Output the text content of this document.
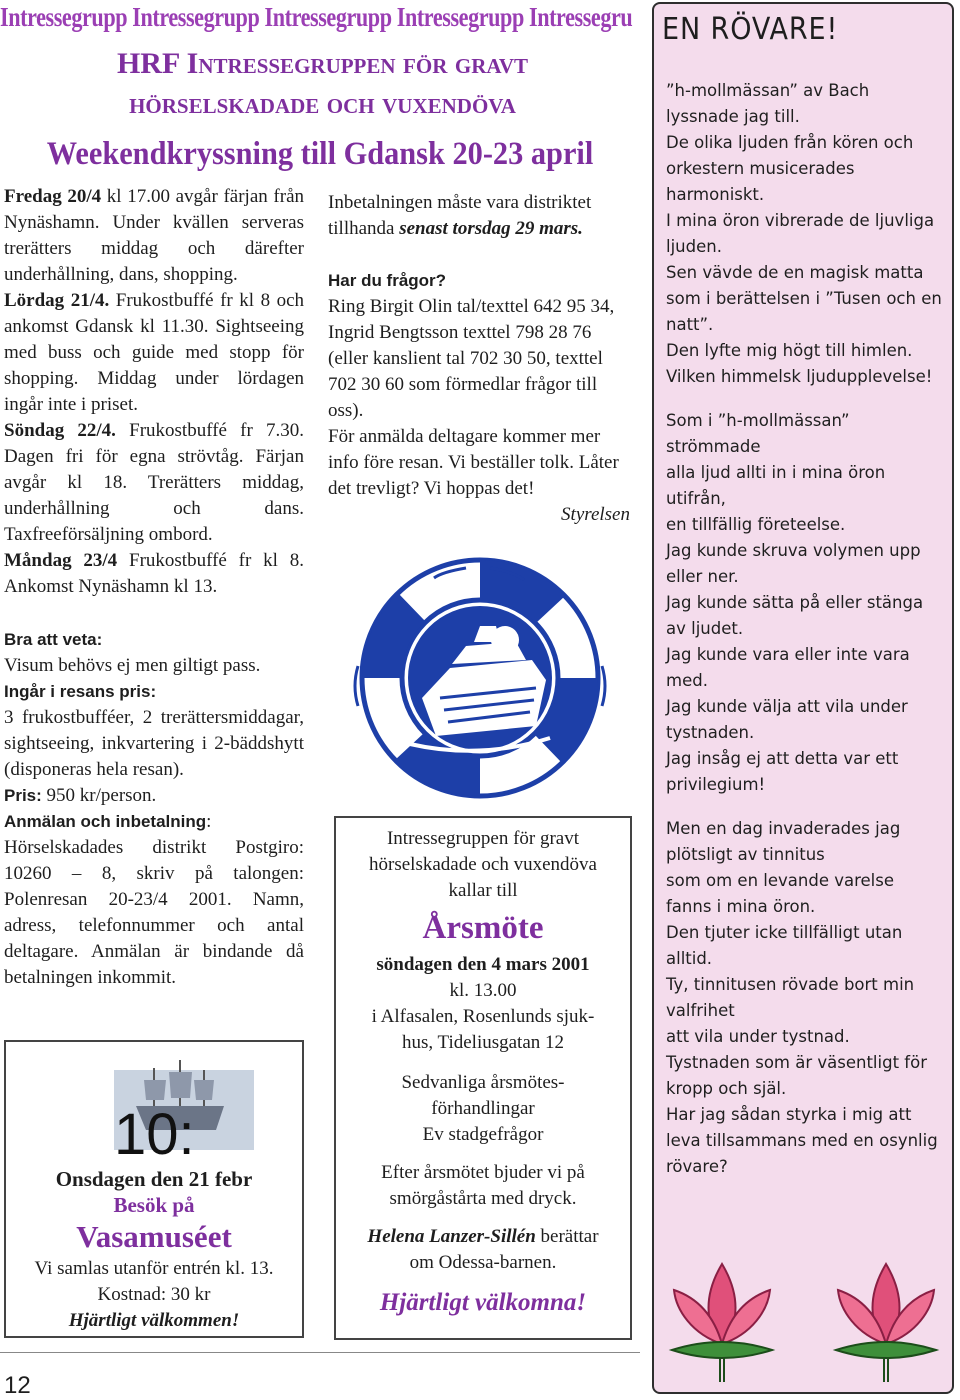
Intressegrupp Intressegrupp Intressegrupp Intressegrupp Intressegru
HRF Intressegruppen för gravt
hörselskadade och vuxendöva
Weekendkryssning till Gdansk 20-23 april

Fredag 20/4 kl 17.00 avgår färjan från Nynäshamn. Under kvällen serveras trerätters middag och därefter underhållning, dans, shopping.

Lördag 21/4. Frukostbuffé fr kl 8 och ankomst Gdansk kl 11.30. Sightseeing med buss och guide med stopp för shopping. Middag under lördagen ingår inte i priset.

Söndag 22/4. Frukostbuffé fr 7.30. Dagen fri för egna strövtåg. Färjan avgår kl 18. Trerätters middag, underhållning och dans. Taxfreeförsäljning ombord.

Måndag 23/4 Frukostbuffé fr kl 8. Ankomst Nynäshamn kl 13.

Bra att veta:

Visum behövs ej men giltigt pass.

Ingår i resans pris:

3 frukostbufféer, 2 trerättersmiddagar, sightseeing, inkvartering i 2-bäddshytt (disponeras hela resan).

Pris: 950 kr/person.

Anmälan och inbetalning:

Hörselskadades distrikt Postgiro: 10260 – 8, skriv på talongen: Polenresan 20-23/4 2001. Namn, adress, telefonnummer och antal deltagare. Anmälan är bindande då betalningen inkommit.

Inbetalningen måste vara distriktet tillhanda senast torsdag 29 mars.

Har du frågor?

Ring Birgit Olin tal/texttel 642 95 34, Ingrid Bengtsson texttel 798 28 76 (eller kanslient tal 702 30 50, texttel 702 30 60 som förmedlar frågor till oss).

För anmälda deltagare kommer mer info före resan. Vi beställer tolk. Låter det trevligt? Vi hoppas det!

Styrelsen

Intressegruppen för gravt
hörselskadade och vuxendöva
kallar till
Årsmöte
söndagen den 4 mars 2001
kl. 13.00
i Alfasalen, Rosenlunds sjuk-
hus, Tideliusgatan 12
Sedvanliga årsmötes-
förhandlingar
Ev stadgefrågor
Efter årsmötet bjuder vi på
smörgåstårta med dryck.
Helena Lanzer-Sillén berättar
om Odessa-barnen.
Hjärtligt välkomna!
10:
Onsdagen den 21 febr
Besök på
Vasamuséet
Vi samlas utanför entrén kl. 13.
Kostnad: 30 kr
Hjärtligt välkommen!
12
EN RÖVARE!

”h-mollmässan” av Bach lyssnade jag till.
De olika ljuden från kören och orkestern musicerades harmoniskt.
I mina öron vibrerade de ljuvliga ljuden.
Sen vävde de en magisk matta som i berättelsen i ”Tusen och en natt”.
Den lyfte mig högt till himlen.
Vilken himmelsk ljudupplevelse!

Som i ”h-mollmässan” strömmade
alla ljud allti in i mina öron utifrån,
en tillfällig företeelse.
Jag kunde skruva volymen upp eller ner.
Jag kunde sätta på eller stänga av ljudet.
Jag kunde vara eller inte vara med.
Jag kunde välja att vila under tystnaden.
Jag insåg ej att detta var ett privilegium!

Men en dag invaderades jag plötsligt av tinnitus
som om en levande varelse fanns i mina öron.
Den tjuter icke tillfälligt utan alltid.
Ty, tinnitusen rövade bort min valfrihet
att vila under tystnad.
Tystnaden som är väsentligt för kropp och själ.
Har jag sådan styrka i mig att leva tillsammans med en osynlig rövare?
